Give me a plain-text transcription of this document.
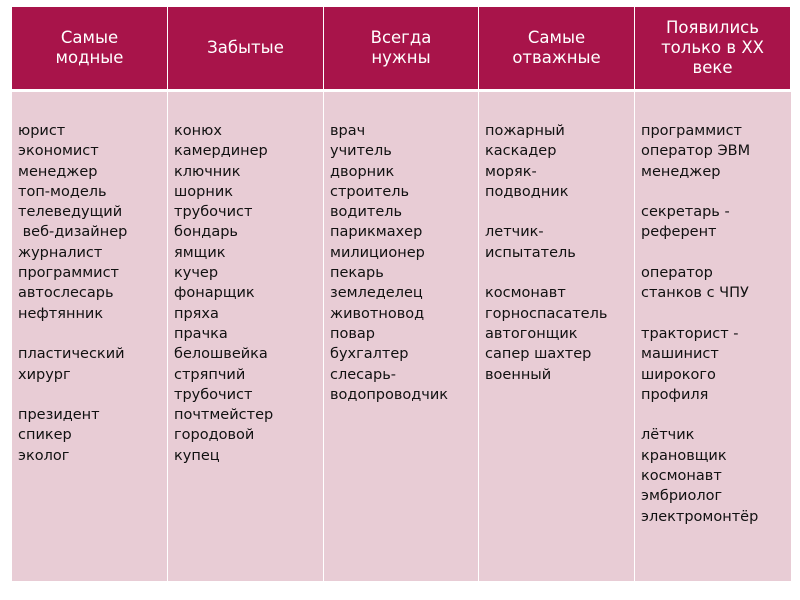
Самые
модные
Забытые
Всегда
нужны
Самые
отважные
Появились
только в ХХ
веке
юрист
экономист
менеджер
топ-модель
телеведущий
веб-дизайнер
журналист
программист
автослесарь
нефтянник

пластический
хирург

президент
спикер
эколог
конюх
камердинер
ключник
шорник
трубочист
бондарь
ямщик
кучер
фонарщик
пряха
прачка
белошвейка
стряпчий
трубочист
почтмейстер
городовой
купец
врач
учитель
дворник
строитель
водитель
парикмахер
милиционер
пекарь
земледелец
животновод
повар
бухгалтер
слесарь-
водопроводчик
пожарный
каскадер
моряк-
подводник

летчик-
испытатель

космонавт
горноспасатель
автогонщик
сапер шахтер
военный
программист
оператор ЭВМ
менеджер

секретарь -
референт

оператор
станков с ЧПУ

тракторист -
машинист
широкого
профиля

лётчик
крановщик
космонавт
эмбриолог
электромонтёр
